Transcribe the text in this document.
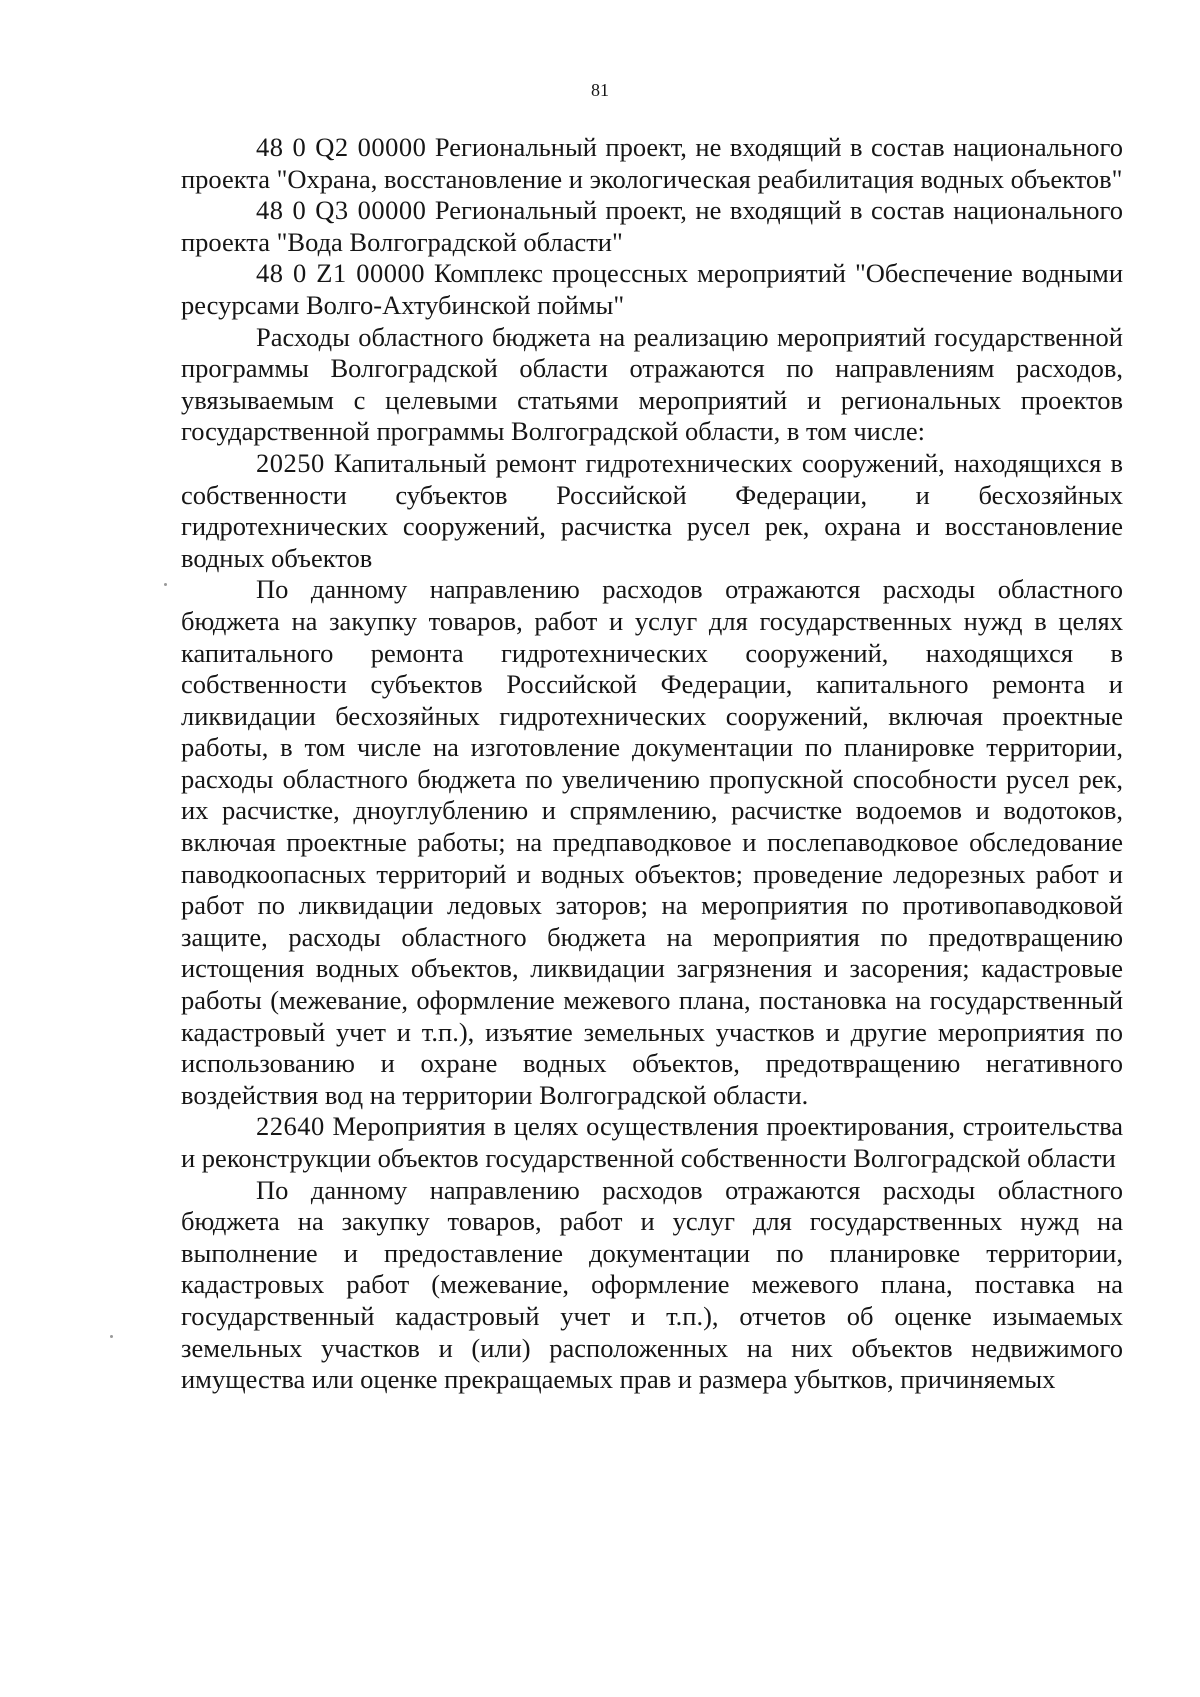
81

48 0 Q2 00000 Региональный проект, не входящий в состав национального проекта "Охрана, восстановление и экологическая реабилитация водных объектов"

48 0 Q3 00000 Региональный проект, не входящий в состав национального проекта "Вода Волгоградской области"

48 0 Z1 00000 Комплекс процессных мероприятий "Обеспечение водными ресурсами Волго-Ахтубинской поймы"

Расходы областного бюджета на реализацию мероприятий государственной программы Волгоградской области отражаются по направлениям расходов, увязываемым с целевыми статьями мероприятий и региональных проектов государственной программы Волгоградской области, в том числе:

20250 Капитальный ремонт гидротехнических сооружений, находящихся в собственности субъектов Российской Федерации, и бесхозяйных гидротехнических сооружений, расчистка русел рек, охрана и восстановление водных объектов

По данному направлению расходов отражаются расходы областного бюджета на закупку товаров, работ и услуг для государственных нужд в целях капитального ремонта гидротехнических сооружений, находящихся в собственности субъектов Российской Федерации, капитального ремонта и ликвидации бесхозяйных гидротехнических сооружений, включая проектные работы, в том числе на изготовление документации по планировке территории, расходы областного бюджета по увеличению пропускной способности русел рек, их расчистке, дноуглублению и спрямлению, расчистке водоемов и водотоков, включая проектные работы; на предпаводковое и послепаводковое обследование паводкоопасных территорий и водных объектов; проведение ледорезных работ и работ по ликвидации ледовых заторов; на мероприятия по противопаводковой защите, расходы областного бюджета на мероприятия по предотвращению истощения водных объектов, ликвидации загрязнения и засорения; кадастровые работы (межевание, оформление межевого плана, постановка на государственный кадастровый учет и т.п.), изъятие земельных участков и другие мероприятия по использованию и охране водных объектов, предотвращению негативного воздействия вод на территории Волгоградской области.

22640 Мероприятия в целях осуществления проектирования, строительства и реконструкции объектов государственной собственности Волгоградской области

По данному направлению расходов отражаются расходы областного бюджета на закупку товаров, работ и услуг для государственных нужд на выполнение и предоставление документации по планировке территории, кадастровых работ (межевание, оформление межевого плана, поставка на государственный кадастровый учет и т.п.), отчетов об оценке изымаемых земельных участков и (или) расположенных на них объектов недвижимого имущества или оценке прекращаемых прав и размера убытков, причиняемых
